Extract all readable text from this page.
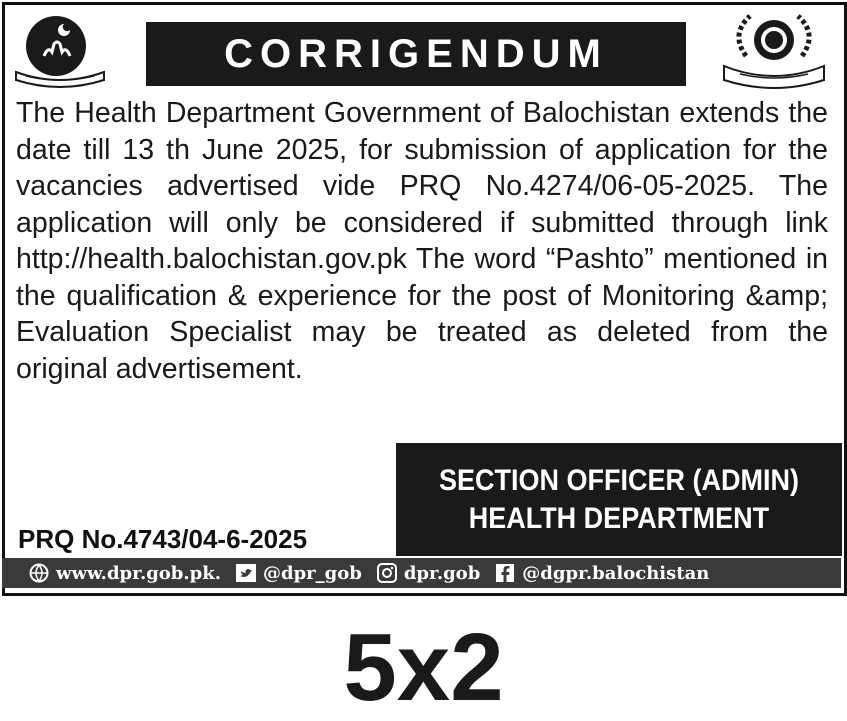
CORRIGENDUM
The Health Department Government of Balochistan extends the date till 13 th June 2025, for submission of application for the vacancies advertised vide PRQ No.4274/06-05-2025. The application will only be considered if submitted through link http://health.balochistan.gov.pk The word “Pashto” mentioned in the qualification & experience for the post of Monitoring &amp; Evaluation Specialist may be treated as deleted from the original advertisement.
SECTION OFFICER (ADMIN)
HEALTH DEPARTMENT
PRQ No.4743/04-6-2025
www.dpr.gob.pk. @dpr_gob dpr.gob @dgpr.balochistan
5x2
